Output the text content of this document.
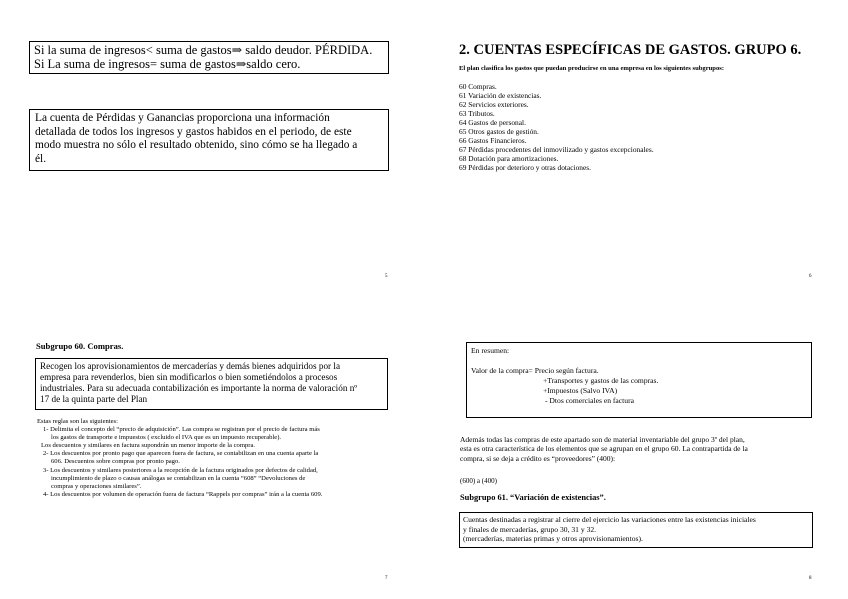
Si la suma de ingresos< suma de gastos⇒ saldo deudor. PÉRDIDA.
Si La suma de ingresos= suma de gastos⇒saldo cero.
La cuenta de Pérdidas y Ganancias proporciona una información
detallada de todos los ingresos y gastos habidos en el periodo, de este
modo muestra no sólo el resultado obtenido, sino cómo se ha llegado a
él.
5
2. CUENTAS ESPECÍFICAS DE GASTOS. GRUPO 6.
El plan clasifica los gastos que puedan producirse en una empresa en los siguientes subgrupos:
60 Compras.
61 Variación de existencias.
62 Servicios exteriores.
63 Tributos.
64 Gastos de personal.
65 Otros gastos de gestión.
66 Gastos Financieros.
67 Pérdidas procedentes del inmovilizado y gastos excepcionales.
68 Dotación para amortizaciones.
69 Pérdidas por deterioro y otras dotaciones.
6
Subgrupo 60. Compras.
Recogen los aprovisionamientos de mercaderías y demás bienes adquiridos por la
empresa para revenderlos, bien sin modificarlos o bien sometiéndolos a procesos
industriales. Para su adecuada contabilización es importante la norma de valoración nº
17 de la quinta parte del Plan
Estas reglas son las siguientes:
1- Delimita el concepto del “precio de adquisición”. Las compra se registran por el precio de factura más
los gastos de transporte e impuestos ( excluido el IVA que es un impuesto recuperable).
Los descuentos y similares en factura supondrán un menor importe de la compra.
2- Los descuentos por pronto pago que aparecen fuera de factura, se contabilizan en una cuenta aparte la
606. Descuentos sobre compras por pronto pago.
3- Los descuentos y similares posteriores a la recepción de la factura originados por defectos de calidad,
incumplimiento de plazo o causas análogas se contabilizan en la cuenta “608” “Devoluciones de
compras y operaciones similares”.
4- Los descuentos por volumen de operación fuera de factura “Rappels por compras” irán a la cuenta 609.
7
En resumen:
Valor de la compra= Precio según factura.
+Transportes y gastos de las compras.
+Impuestos (Salvo IVA)
- Dtos comerciales en factura
Además todas las compras de este apartado son de material inventariable del grupo 3º del plan,
esta es otra característica de los elementos que se agrupan en el grupo 60. La contrapartida de la
compra, si se deja a crédito es “proveedores” (400):
(600) a (400)
Subgrupo 61. “Variación de existencias”.
Cuentas destinadas a registrar al cierre del ejercicio las variaciones entre las existencias iniciales
y finales de mercaderías, grupo 30, 31 y 32.
(mercaderías, materias primas y otros aprovisionamientos).
8
